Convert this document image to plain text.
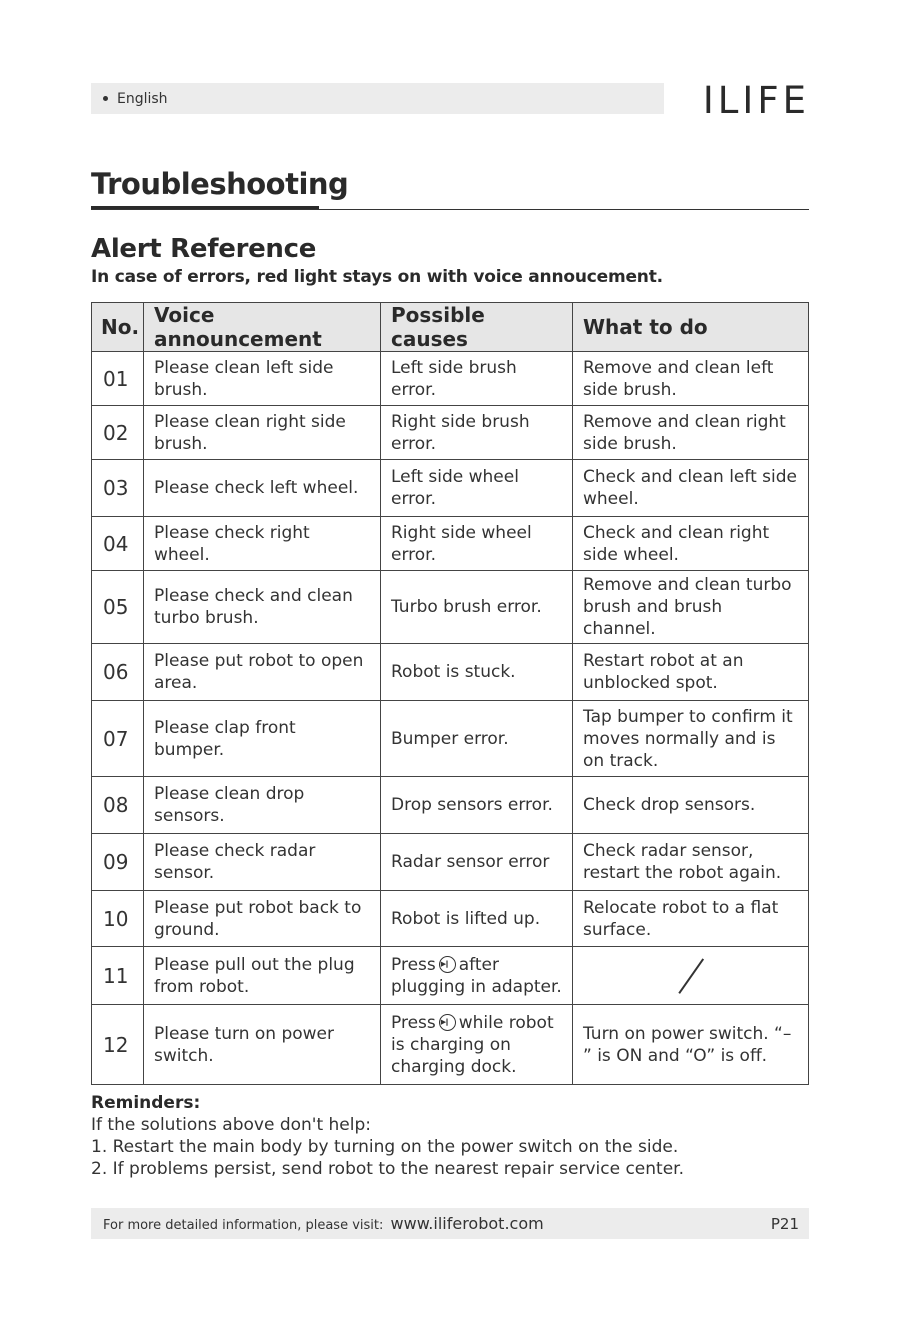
English	ILIFE
Troubleshooting
Alert Reference
In case of errors, red light stays on with voice annoucement.
No.	Voice announcement	Possible causes	What to do
01	Please clean left side brush.	Left side brush error.	Remove and clean left side brush.
02	Please clean right side brush.	Right side brush error.	Remove and clean right side brush.
03	Please check left wheel.	Left side wheel error.	Check and clean left side wheel.
04	Please check right wheel.	Right side wheel error.	Check and clean right side wheel.
05	Please check and clean turbo brush.	Turbo brush error.	Remove and clean turbo brush and brush channel.
06	Please put robot to open area.	Robot is stuck.	Restart robot at an unblocked spot.
07	Please clap front bumper.	Bumper error.	Tap bumper to confirm it moves normally and is on track.
08	Please clean drop sensors.	Drop sensors error.	Check drop sensors.
09	Please check radar sensor.	Radar sensor error	Check radar sensor, restart the robot again.
10	Please put robot back to ground.	Robot is lifted up.	Relocate robot to a flat surface.
11	Please pull out the plug from robot.	Press ▶‖ after plugging in adapter.	

12	Please turn on power switch.	Press ▶‖ while robot is charging on charging dock.	Turn on power switch. “– ” is ON and “O” is off.
Reminders:
If the solutions above don't help:
1. Restart the main body by turning on the power switch on the side.
2. If problems persist, send robot to the nearest repair service center.
For more detailed information, please visit: www.iliferobot.com	P21
